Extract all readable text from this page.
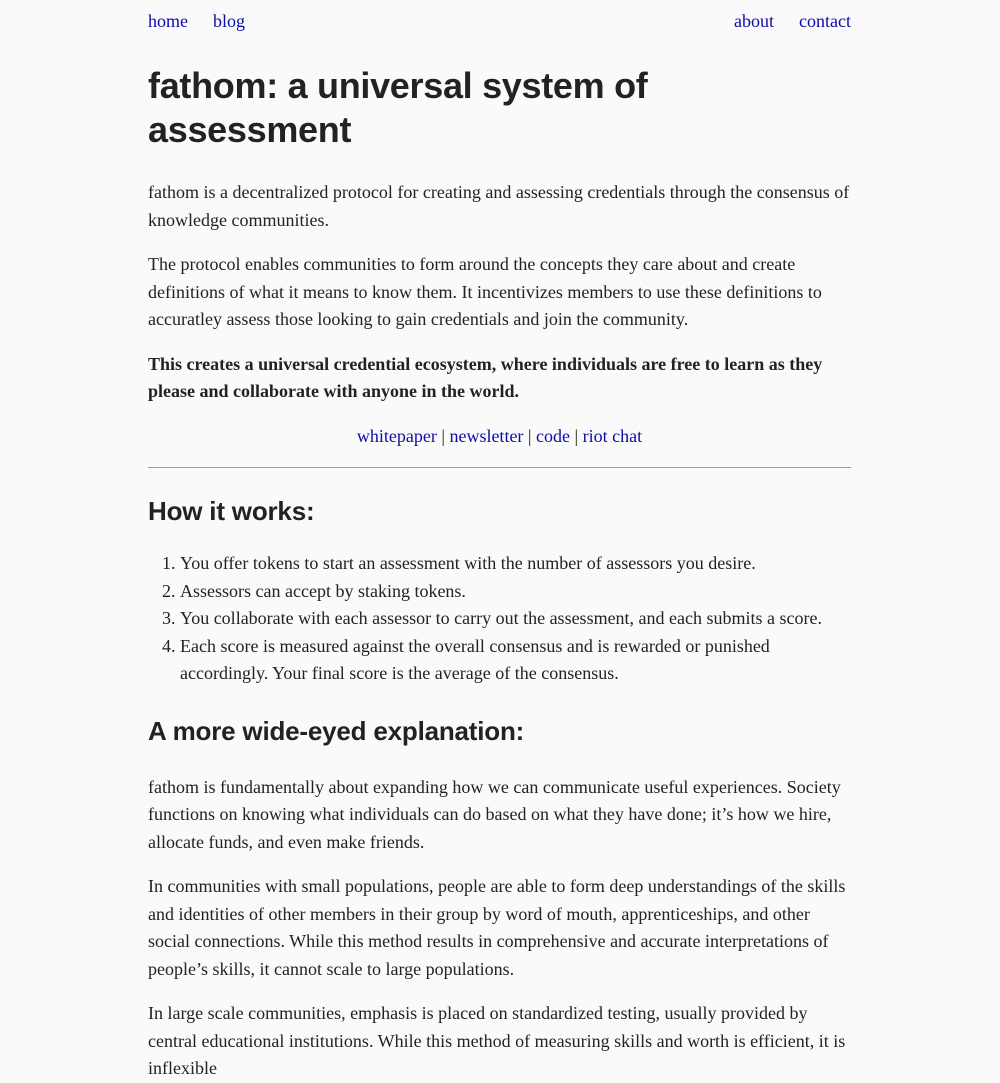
home blog	about contact
fathom: a universal system of assessment

fathom is a decentralized protocol for creating and assessing credentials through the consensus of knowledge communities.

The protocol enables communities to form around the concepts they care about and create definitions of what it means to know them. It incentivizes members to use these definitions to accuratley assess those looking to gain credentials and join the community.

This creates a universal credential ecosystem, where individuals are free to learn as they please and collaborate with anyone in the world.

whitepaper | newsletter | code | riot chat
How it works:
1. You offer tokens to start an assessment with the number of assessors you desire.
2. Assessors can accept by staking tokens.
3. You collaborate with each assessor to carry out the assessment, and each submits a score.
4. Each score is measured against the overall consensus and is rewarded or punished accordingly. Your final score is the average of the consensus.
A more wide-eyed explanation:

fathom is fundamentally about expanding how we can communicate useful experiences. Society functions on knowing what individuals can do based on what they have done; it’s how we hire, allocate funds, and even make friends.

In communities with small populations, people are able to form deep understandings of the skills and identities of other members in their group by word of mouth, apprenticeships, and other social connections. While this method results in comprehensive and accurate interpretations of people’s skills, it cannot scale to large populations.

In large scale communities, emphasis is placed on standardized testing, usually provided by central educational institutions. While this method of measuring skills and worth is efficient, it is inflexible
